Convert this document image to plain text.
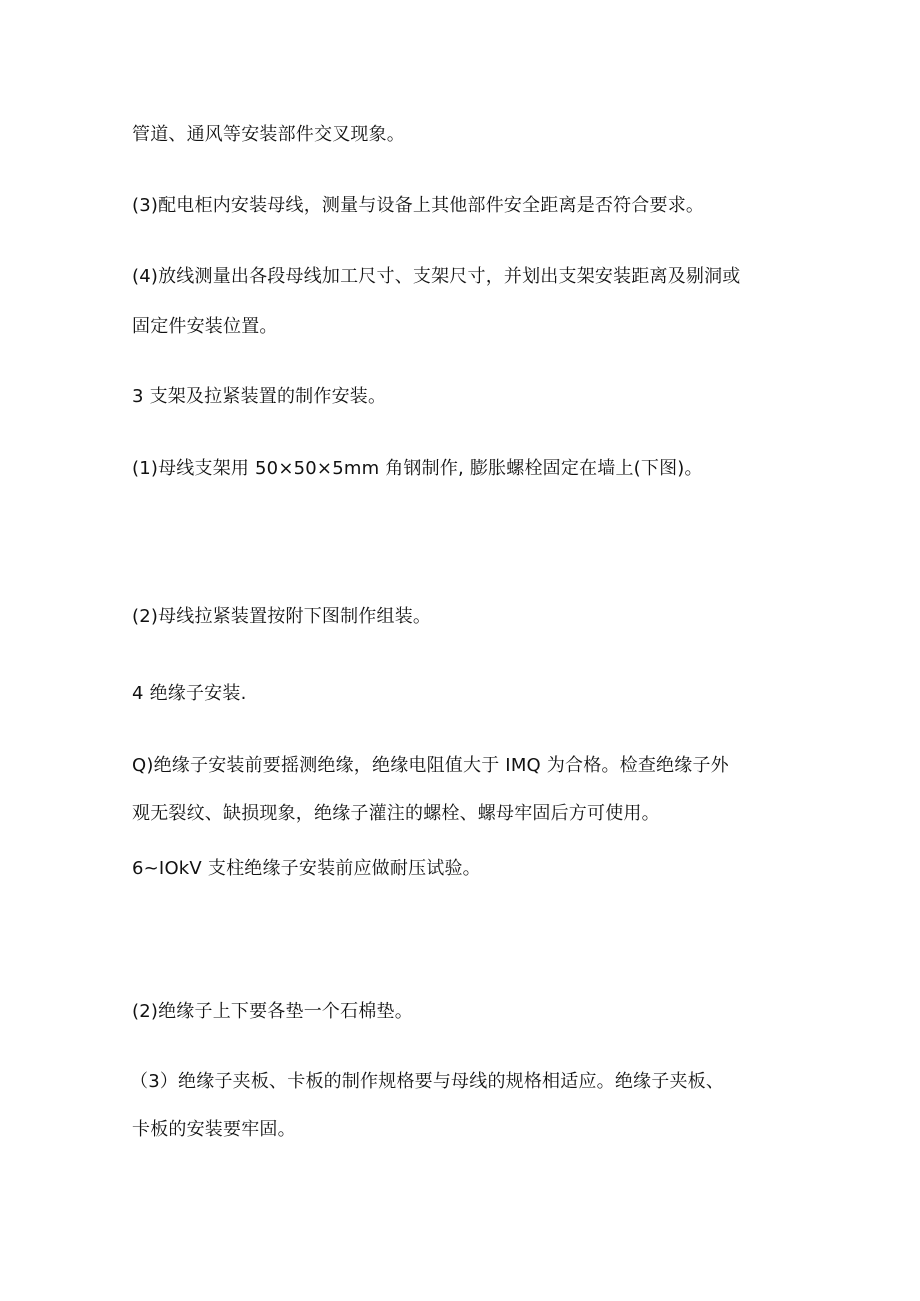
管道、通风等安装部件交叉现象。
(3)配电柜内安装母线，测量与设备上其他部件安全距离是否符合要求。
(4)放线测量出各段母线加工尺寸、支架尺寸，并划出支架安装距离及剔洞或
固定件安装位置。
3 支架及拉紧装置的制作安装。
(1)母线支架用 50×50×5mm 角钢制作, 膨胀螺栓固定在墙上(下图)。
(2)母线拉紧装置按附下图制作组装。
4 绝缘子安装.
Q)绝缘子安装前要摇测绝缘，绝缘电阻值大于 IMQ 为合格。检查绝缘子外
观无裂纹、缺损现象，绝缘子灌注的螺栓、螺母牢固后方可使用。
6~IOkV 支柱绝缘子安装前应做耐压试验。
(2)绝缘子上下要各垫一个石棉垫。
（3）绝缘子夹板、卡板的制作规格要与母线的规格相适应。绝缘子夹板、
卡板的安装要牢固。
